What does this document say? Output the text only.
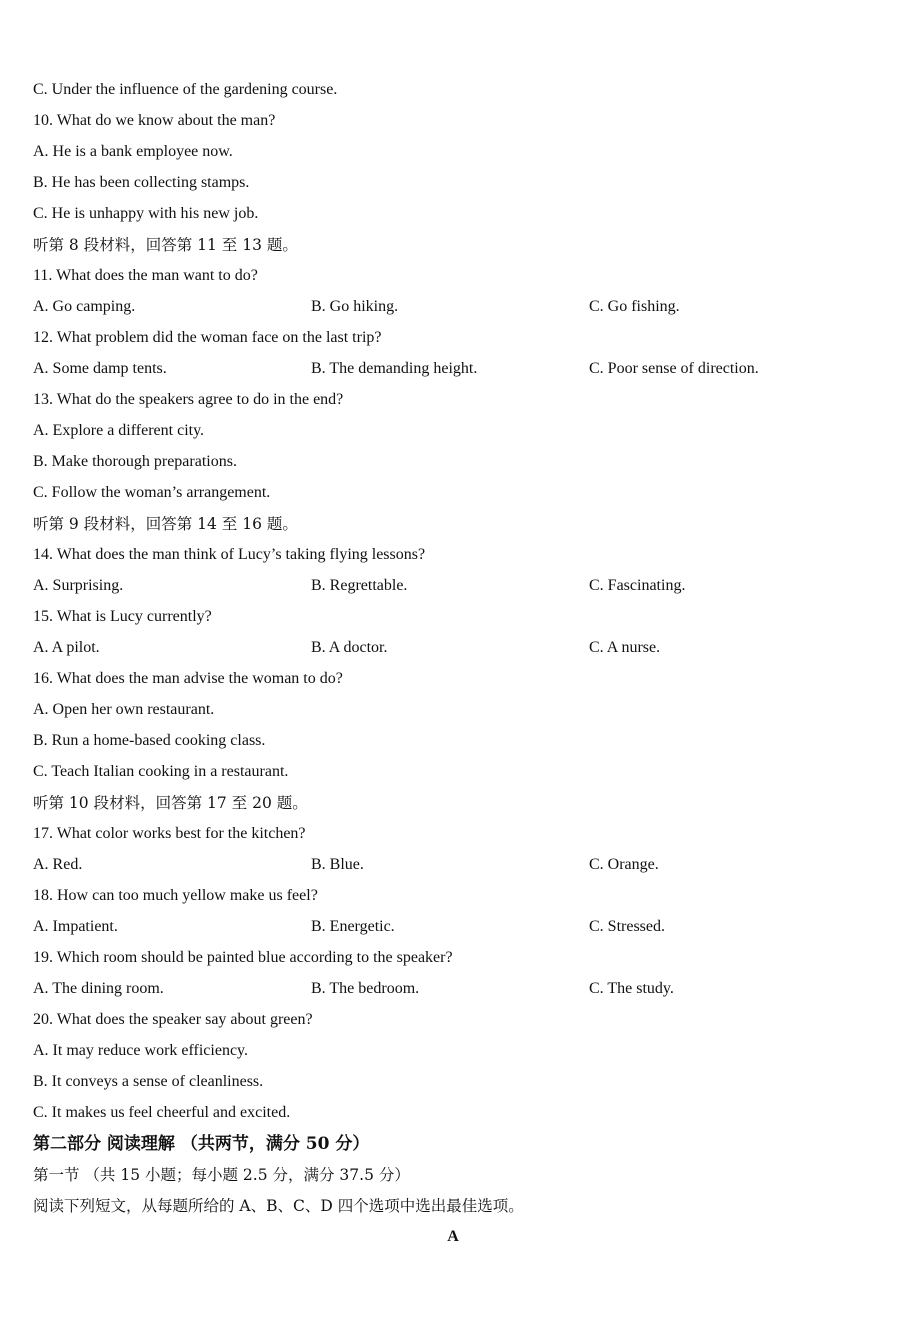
C. Under the influence of the gardening course.
10. What do we know about the man?
A. He is a bank employee now.
B. He has been collecting stamps.
C. He is unhappy with his new job.
听第 8 段材料，回答第 11 至 13 题。
11. What does the man want to do?
A. Go camping.	B. Go hiking.	C. Go fishing.
12. What problem did the woman face on the last trip?
A. Some damp tents.	B. The demanding height.	C. Poor sense of direction.
13. What do the speakers agree to do in the end?
A. Explore a different city.
B. Make thorough preparations.
C. Follow the woman’s arrangement.
听第 9 段材料，回答第 14 至 16 题。
14. What does the man think of Lucy’s taking flying lessons?
A. Surprising.	B. Regrettable.	C. Fascinating.
15. What is Lucy currently?
A. A pilot.	B. A doctor.	C. A nurse.
16. What does the man advise the woman to do?
A. Open her own restaurant.
B. Run a home-based cooking class.
C. Teach Italian cooking in a restaurant.
听第 10 段材料，回答第 17 至 20 题。
17. What color works best for the kitchen?
A. Red.	B. Blue.	C. Orange.
18. How can too much yellow make us feel?
A. Impatient.	B. Energetic.	C. Stressed.
19. Which room should be painted blue according to the speaker?
A. The dining room.	B. The bedroom.	C. The study.
20. What does the speaker say about green?
A. It may reduce work efficiency.
B. It conveys a sense of cleanliness.
C. It makes us feel cheerful and excited.
第二部分 阅读理解 （共两节，满分 50 分）
第一节 （共 15 小题；每小题 2.5 分，满分 37.5 分）
阅读下列短文，从每题所给的 A、B、C、D 四个选项中选出最佳选项。
A
